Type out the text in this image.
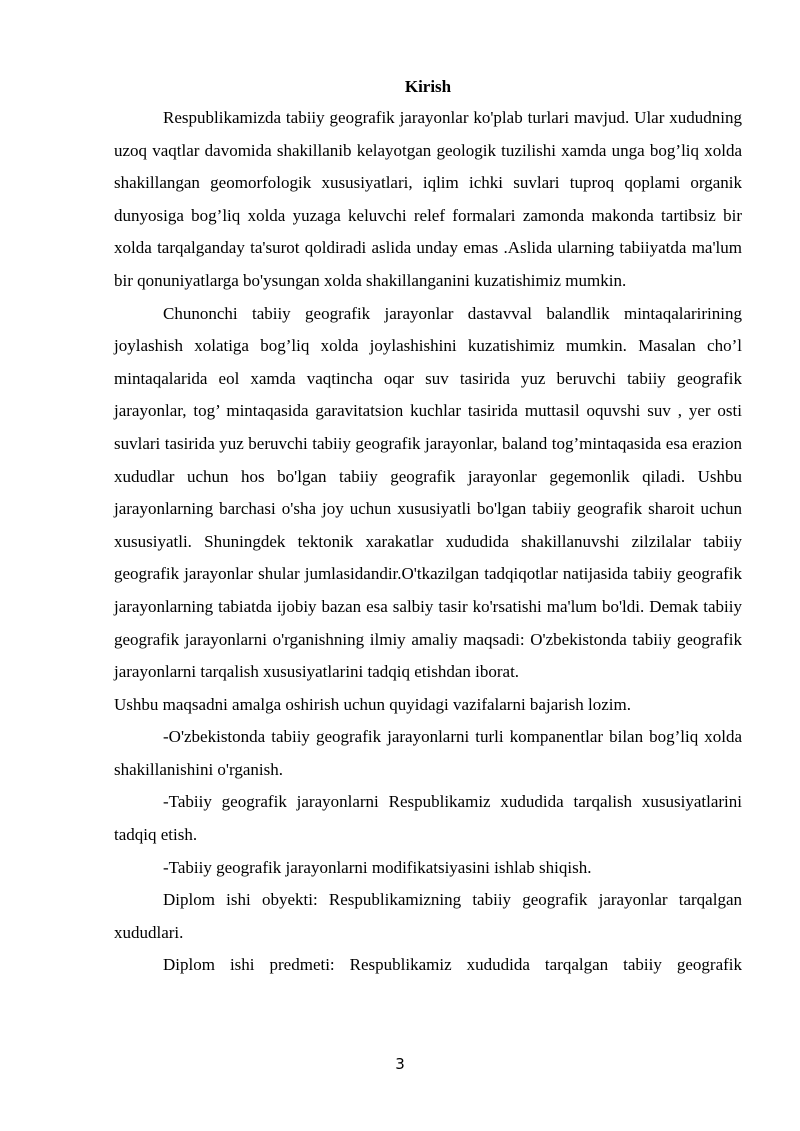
Kirish

Respublikamizda tabiiy geografik jarayonlar ko'plab turlari mavjud. Ular xududning uzoq vaqtlar davomida shakillanib kelayotgan geologik tuzilishi xamda unga bog’liq xolda shakillangan geomorfologik xususiyatlari, iqlim ichki suvlari tuproq qoplami organik dunyosiga bog’liq xolda yuzaga keluvchi relef formalari zamonda makonda tartibsiz bir xolda tarqalganday ta'surot qoldiradi aslida unday emas .Aslida ularning tabiiyatda ma'lum bir qonuniyatlarga bo'ysungan xolda shakillanganini kuzatishimiz mumkin.

Chunonchi tabiiy geografik jarayonlar dastavval balandlik mintaqalaririning joylashish xolatiga bog’liq xolda joylashishini kuzatishimiz mumkin. Masalan cho’l mintaqalarida eol xamda vaqtincha oqar suv tasirida yuz beruvchi tabiiy geografik jarayonlar, tog’ mintaqasida garavitatsion kuchlar tasirida muttasil oquvshi suv , yer osti suvlari tasirida yuz beruvchi tabiiy geografik jarayonlar, baland tog’mintaqasida esa erazion xududlar uchun hos bo'lgan tabiiy geografik jarayonlar gegemonlik qiladi. Ushbu jarayonlarning barchasi o'sha joy uchun xususiyatli bo'lgan tabiiy geografik sharoit uchun xususiyatli. Shuningdek tektonik xarakatlar xududida shakillanuvshi zilzilalar tabiiy geografik jarayonlar shular jumlasidandir.O'tkazilgan tadqiqotlar natijasida tabiiy geografik jarayonlarning tabiatda ijobiy bazan esa salbiy tasir ko'rsatishi ma'lum bo'ldi. Demak tabiiy geografik jarayonlarni o'rganishning ilmiy amaliy maqsadi: O'zbekistonda tabiiy geografik jarayonlarni tarqalish xususiyatlarini tadqiq etishdan iborat.

Ushbu maqsadni amalga oshirish uchun quyidagi vazifalarni bajarish lozim.

-O'zbekistonda tabiiy geografik jarayonlarni turli kompanentlar bilan bog’liq xolda shakillanishini o'rganish.

-Tabiiy geografik jarayonlarni Respublikamiz xududida tarqalish xususiyatlarini tadqiq etish.

-Tabiiy geografik jarayonlarni modifikatsiyasini ishlab shiqish.

Diplom ishi obyekti: Respublikamizning tabiiy geografik jarayonlar tarqalgan xududlari.

Diplom ishi predmeti: Respublikamiz xududida tarqalgan tabiiy geografik

3
